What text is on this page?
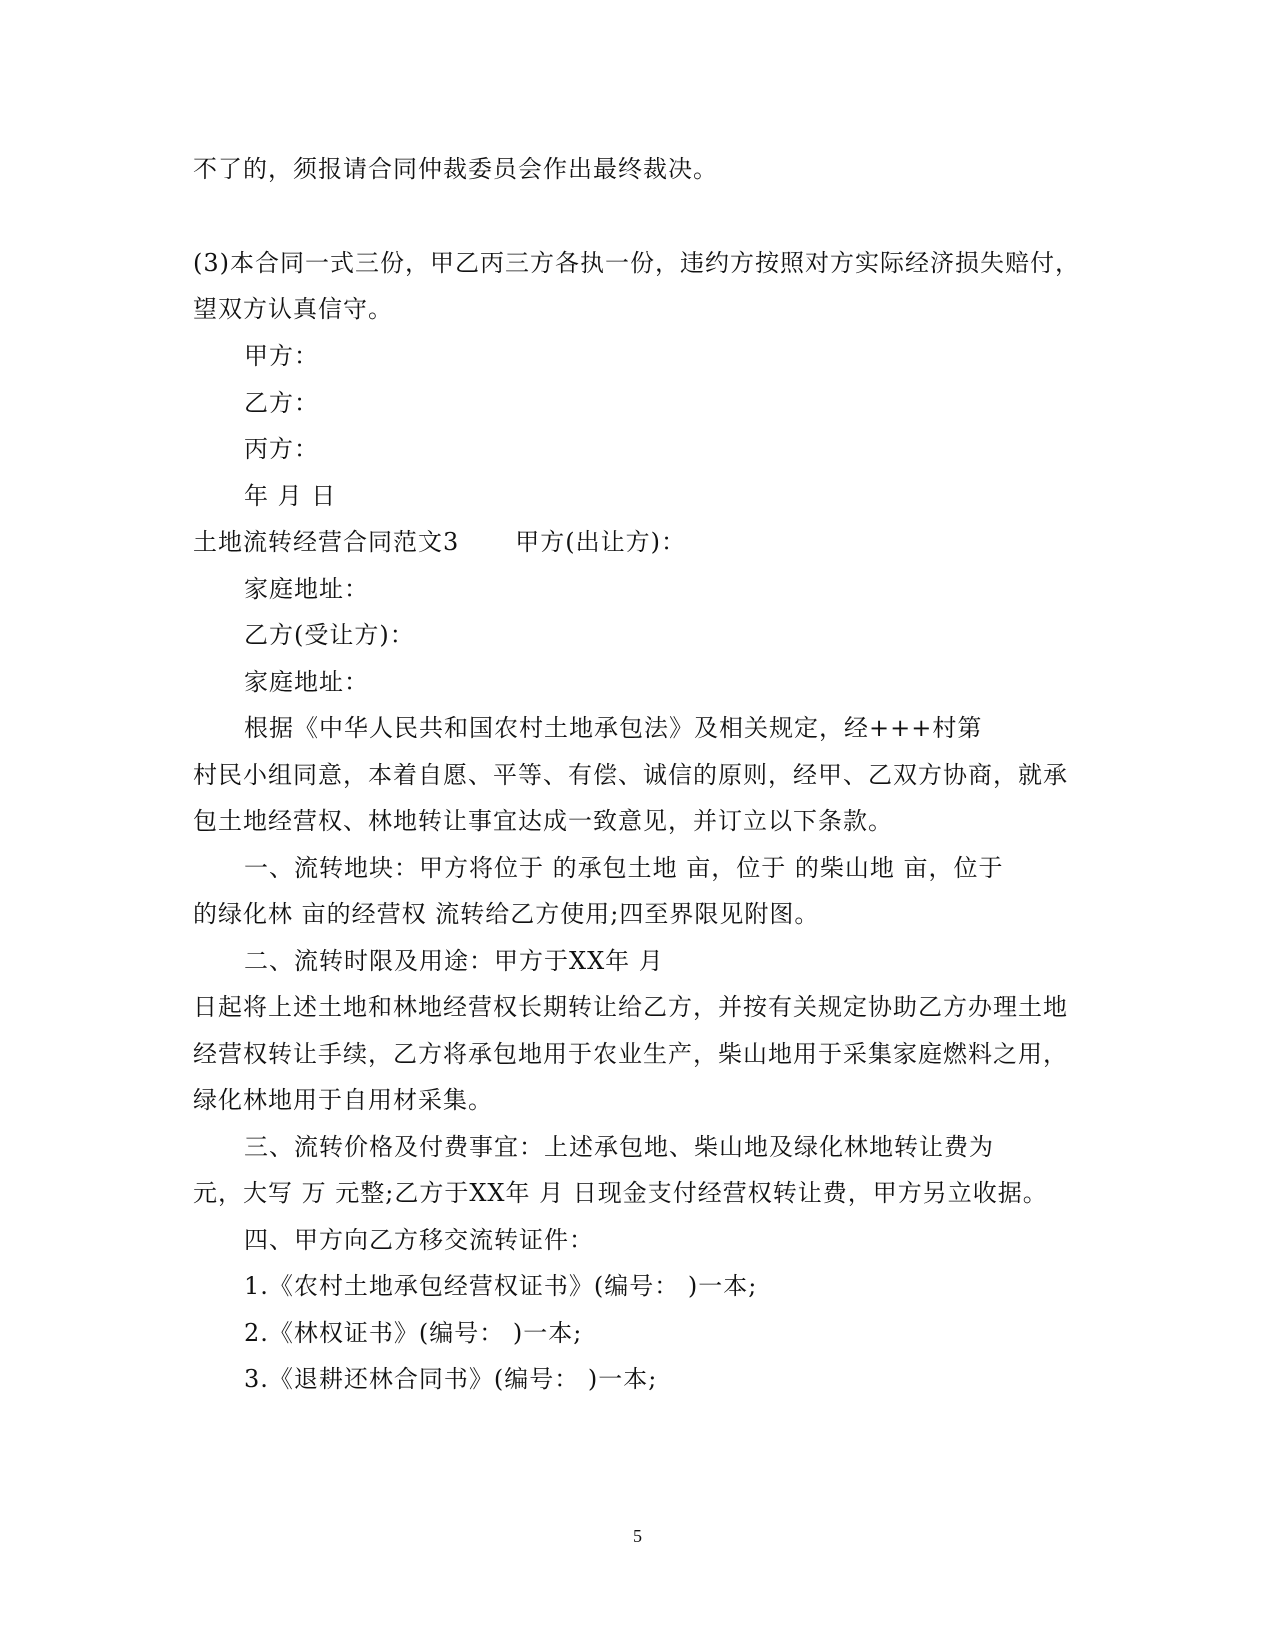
不了的，须报请合同仲裁委员会作出最终裁决。
(3)本合同一式三份，甲乙丙三方各执一份，违约方按照对方实际经济损失赔付，
望双方认真信守。
甲方：
乙方：
丙方：
年 月 日
土地流转经营合同范文3 甲方(出让方)：
家庭地址：
乙方(受让方)：
家庭地址：
根据《中华人民共和国农村土地承包法》及相关规定，经+++村第
村民小组同意，本着自愿、平等、有偿、诚信的原则，经甲、乙双方协商，就承
包土地经营权、林地转让事宜达成一致意见，并订立以下条款。
一、流转地块：甲方将位于 的承包土地 亩，位于 的柴山地 亩，位于
的绿化林 亩的经营权 流转给乙方使用;四至界限见附图。
二、流转时限及用途：甲方于XX年 月
日起将上述土地和林地经营权长期转让给乙方，并按有关规定协助乙方办理土地
经营权转让手续，乙方将承包地用于农业生产，柴山地用于采集家庭燃料之用，
绿化林地用于自用材采集。
三、流转价格及付费事宜：上述承包地、柴山地及绿化林地转让费为
元，大写 万 元整;乙方于XX年 月 日现金支付经营权转让费，甲方另立收据。
四、甲方向乙方移交流转证件：
1.《农村土地承包经营权证书》(编号： )一本;
2.《林权证书》(编号： )一本;
3.《退耕还林合同书》(编号： )一本;
5
